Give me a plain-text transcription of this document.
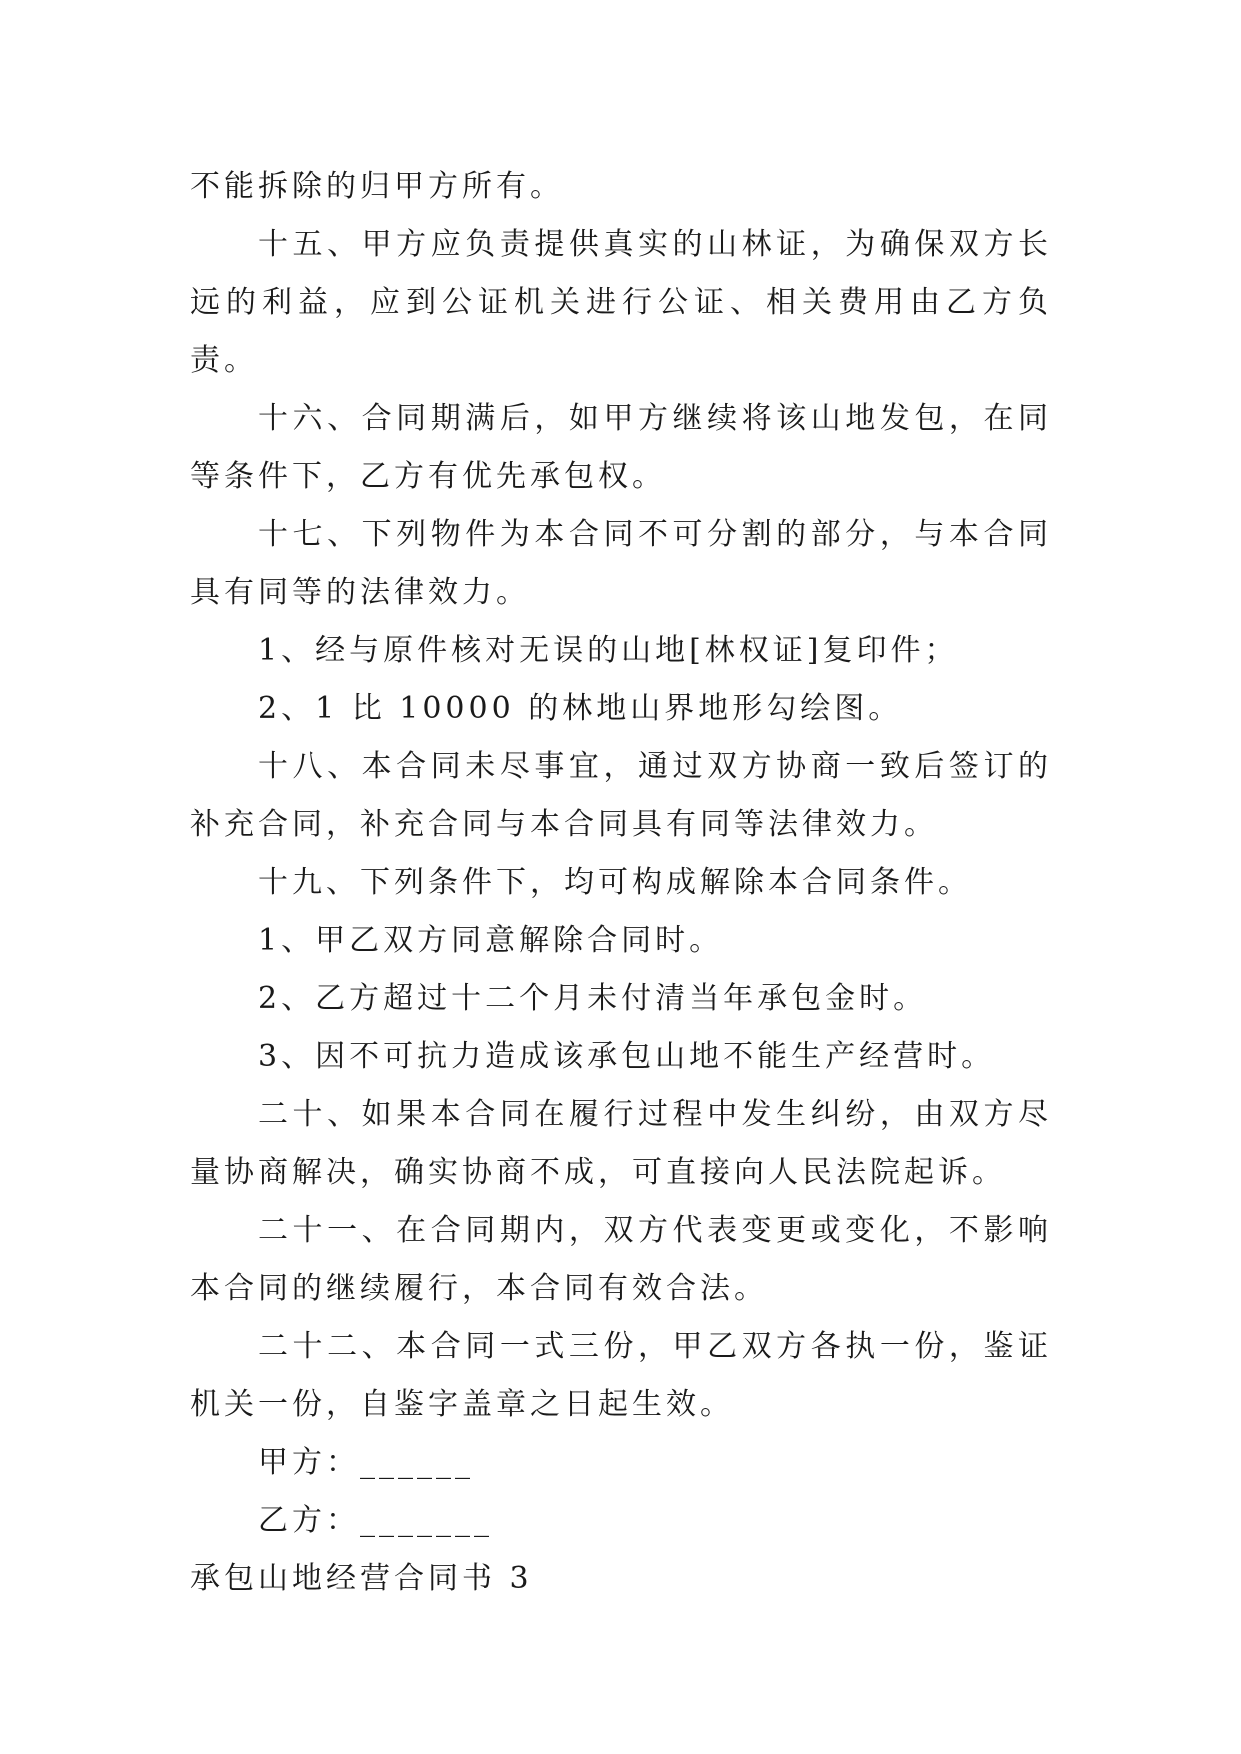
不能拆除的归甲方所有。

十五、甲方应负责提供真实的山林证，为确保双方长远的利益，应到公证机关进行公证、相关费用由乙方负责。

十六、合同期满后，如甲方继续将该山地发包，在同等条件下，乙方有优先承包权。

十七、下列物件为本合同不可分割的部分，与本合同具有同等的法律效力。

1、经与原件核对无误的山地[林权证]复印件；

2、1 比 10000 的林地山界地形勾绘图。

十八、本合同未尽事宜，通过双方协商一致后签订的补充合同，补充合同与本合同具有同等法律效力。

十九、下列条件下，均可构成解除本合同条件。

1、甲乙双方同意解除合同时。

2、乙方超过十二个月未付清当年承包金时。

3、因不可抗力造成该承包山地不能生产经营时。

二十、如果本合同在履行过程中发生纠纷，由双方尽量协商解决，确实协商不成，可直接向人民法院起诉。

二十一、在合同期内，双方代表变更或变化，不影响本合同的继续履行，本合同有效合法。

二十二、本合同一式三份，甲乙双方各执一份，鉴证机关一份，自鉴字盖章之日起生效。

甲方：______

乙方：_______

承包山地经营合同书 3
